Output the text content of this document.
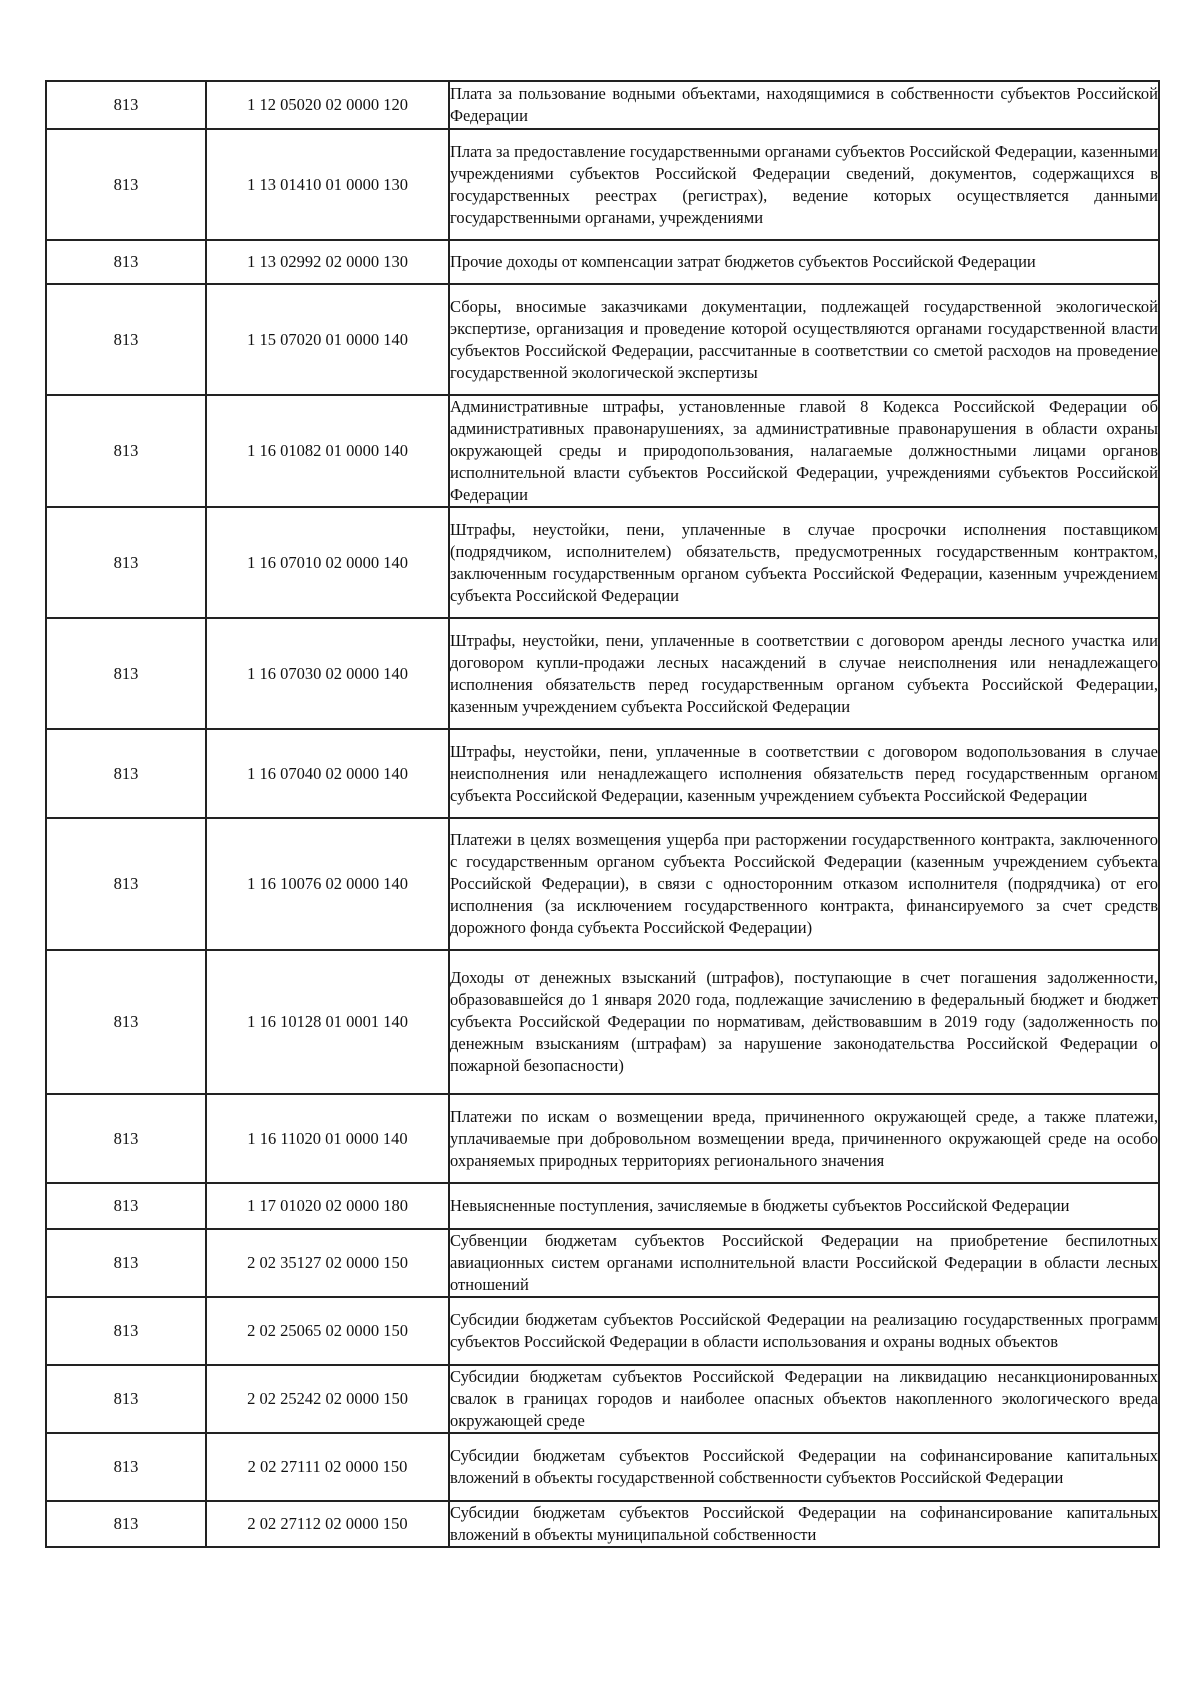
813	1 12 05020 02 0000 120	Плата за пользование водными объектами, находящимися в собственности субъектов Российской Федерации

813	1 13 01410 01 0000 130	Плата за предоставление государственными органами субъектов Российской Федерации, казенными учреждениями субъектов Российской Федерации сведений, документов, содержащихся в государственных реестрах (регистрах), ведение которых осуществляется данными государственными органами, учреждениями

813	1 13 02992 02 0000 130	Прочие доходы от компенсации затрат бюджетов субъектов Российской Федерации

813	1 15 07020 01 0000 140	Сборы, вносимые заказчиками документации, подлежащей государственной экологической экспертизе, организация и проведение которой осуществляются органами государственной власти субъектов Российской Федерации, рассчитанные в соответствии со сметой расходов на проведение государственной экологической экспертизы

813	1 16 01082 01 0000 140	Административные штрафы, установленные главой 8 Кодекса Российской Федерации об административных правонарушениях, за административные правонарушения в области охраны окружающей среды и природопользования, налагаемые должностными лицами органов исполнительной власти субъектов Российской Федерации, учреждениями субъектов Российской Федерации

813	1 16 07010 02 0000 140	Штрафы, неустойки, пени, уплаченные в случае просрочки исполнения поставщиком (подрядчиком, исполнителем) обязательств, предусмотренных государственным контрактом, заключенным государственным органом субъекта Российской Федерации, казенным учреждением субъекта Российской Федерации

813	1 16 07030 02 0000 140	Штрафы, неустойки, пени, уплаченные в соответствии с договором аренды лесного участка или договором купли-продажи лесных насаждений в случае неисполнения или ненадлежащего исполнения обязательств перед государственным органом субъекта Российской Федерации, казенным учреждением субъекта Российской Федерации

813	1 16 07040 02 0000 140	Штрафы, неустойки, пени, уплаченные в соответствии с договором водопользования в случае неисполнения или ненадлежащего исполнения обязательств перед государственным органом субъекта Российской Федерации, казенным учреждением субъекта Российской Федерации

813	1 16 10076 02 0000 140	Платежи в целях возмещения ущерба при расторжении государственного контракта, заключенного с государственным органом субъекта Российской Федерации (казенным учреждением субъекта Российской Федерации), в связи с односторонним отказом исполнителя (подрядчика) от его исполнения (за исключением государственного контракта, финансируемого за счет средств дорожного фонда субъекта Российской Федерации)

813	1 16 10128 01 0001 140	Доходы от денежных взысканий (штрафов), поступающие в счет погашения задолженности, образовавшейся до 1 января 2020 года, подлежащие зачислению в федеральный бюджет и бюджет субъекта Российской Федерации по нормативам, действовавшим в 2019 году (задолженность по денежным взысканиям (штрафам) за нарушение законодательства Российской Федерации о пожарной безопасности)

813	1 16 11020 01 0000 140	Платежи по искам о возмещении вреда, причиненного окружающей среде, а также платежи, уплачиваемые при добровольном возмещении вреда, причиненного окружающей среде на особо охраняемых природных территориях регионального значения

813	1 17 01020 02 0000 180	Невыясненные поступления, зачисляемые в бюджеты субъектов Российской Федерации

813	2 02 35127 02 0000 150	Субвенции бюджетам субъектов Российской Федерации на приобретение беспилотных авиационных систем органами исполнительной власти Российской Федерации в области лесных отношений

813	2 02 25065 02 0000 150	Субсидии бюджетам субъектов Российской Федерации на реализацию государственных программ субъектов Российской Федерации в области использования и охраны водных объектов

813	2 02 25242 02 0000 150	Субсидии бюджетам субъектов Российской Федерации на ликвидацию несанкционированных свалок в границах городов и наиболее опасных объектов накопленного экологического вреда окружающей среде

813	2 02 27111 02 0000 150	Субсидии бюджетам субъектов Российской Федерации на софинансирование капитальных вложений в объекты государственной собственности субъектов Российской Федерации

813	2 02 27112 02 0000 150	Субсидии бюджетам субъектов Российской Федерации на софинансирование капитальных вложений в объекты муниципальной собственности
